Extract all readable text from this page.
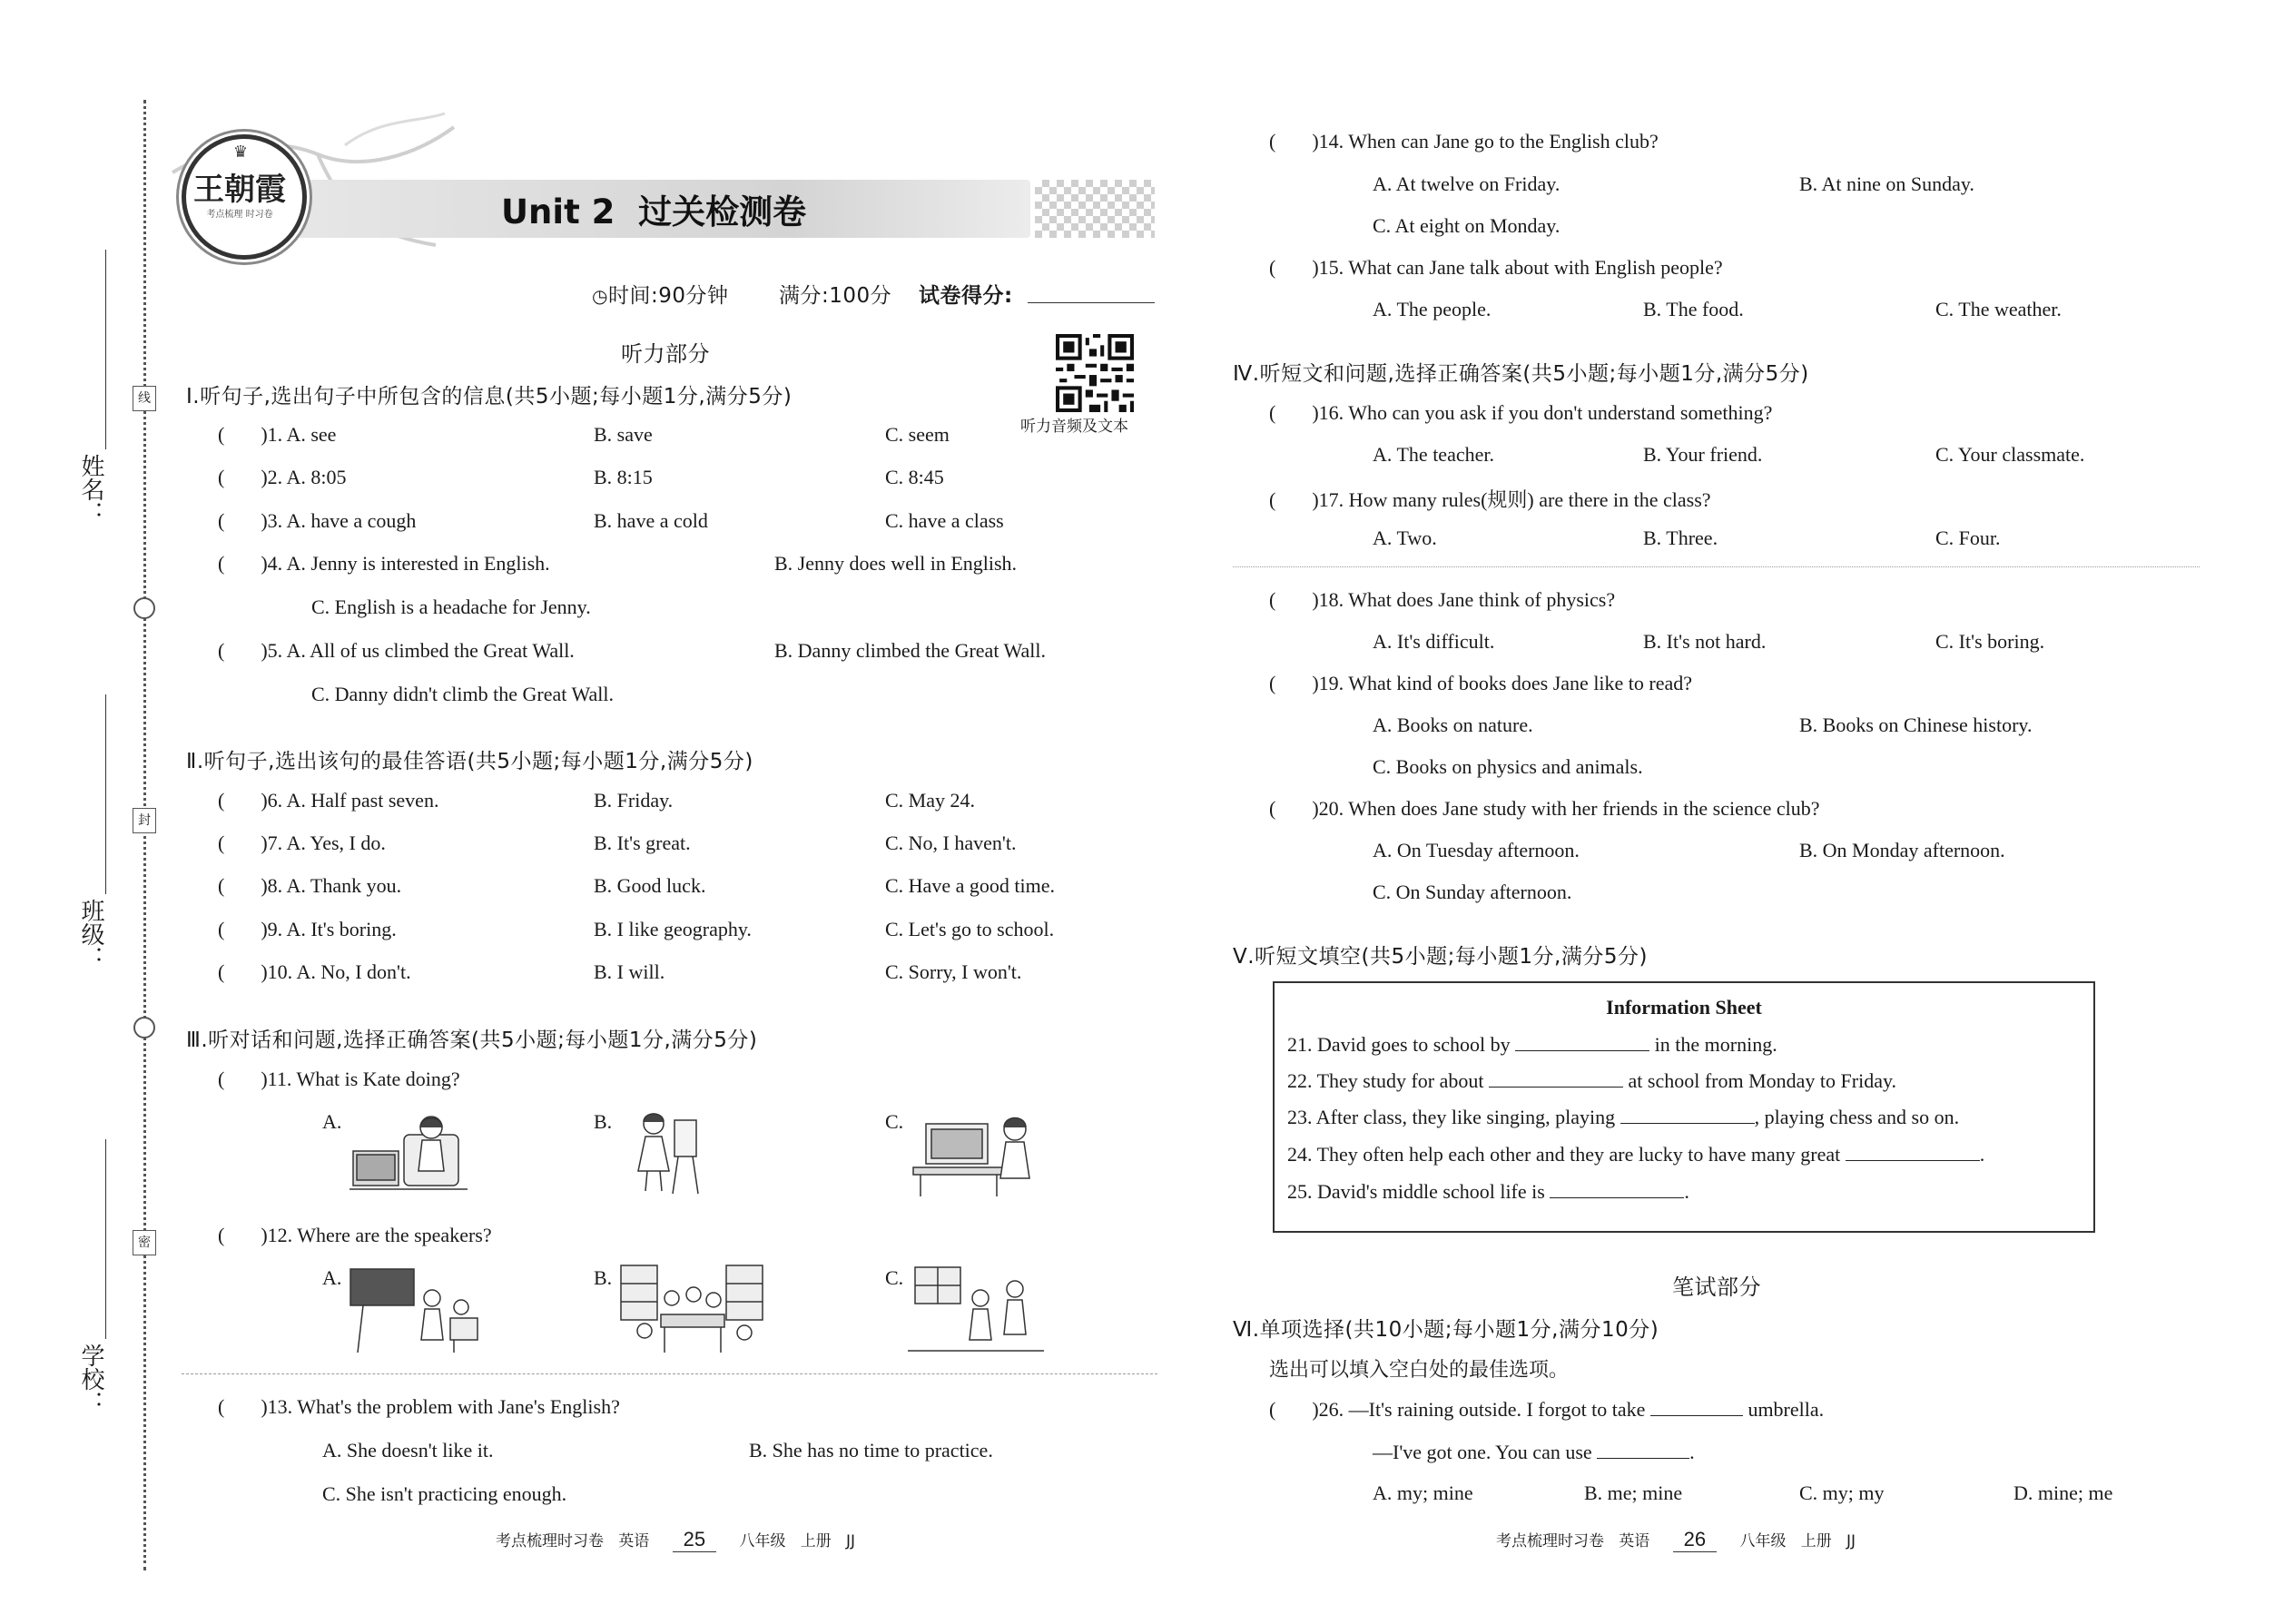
线
封
密
姓名：
班级：
学校：
♛
王朝霞
考点梳理 时习卷	Unit 2  过关检测卷
◷时间:90分钟 满分:100分 试卷得分:
听力音频及文本
听力部分
Ⅰ.听句子,选出句子中所包含的信息(共5小题;每小题1分,满分5分)
( )1. A. see	B. save	C. seem
( )2. A. 8:05	B. 8:15	C. 8:45
( )3. A. have a cough	B. have a cold	C. have a class
( )4. A. Jenny is interested in English.	B. Jenny does well in English.
C. English is a headache for Jenny.
( )5. A. All of us climbed the Great Wall.	B. Danny climbed the Great Wall.
C. Danny didn't climb the Great Wall.
Ⅱ.听句子,选出该句的最佳答语(共5小题;每小题1分,满分5分)
( )6. A. Half past seven.	B. Friday.	C. May 24.
( )7. A. Yes, I do.	B. It's great.	C. No, I haven't.
( )8. A. Thank you.	B. Good luck.	C. Have a good time.
( )9. A. It's boring.	B. I like geography.	C. Let's go to school.
( )10. A. No, I don't.	B. I will.	C. Sorry, I won't.
Ⅲ.听对话和问题,选择正确答案(共5小题;每小题1分,满分5分)
( )11. What is Kate doing?
A.	B.	C.
( )12. Where are the speakers?
A.	B.	C.
( )13. What's the problem with Jane's English?
A. She doesn't like it.	B. She has no time to practice.
C. She isn't practicing enough.
考点梳理时习卷   英语 25 八年级   上册   JJ
( )14. When can Jane go to the English club?
A. At twelve on Friday.	B. At nine on Sunday.
C. At eight on Monday.
( )15. What can Jane talk about with English people?
A. The people.	B. The food.	C. The weather.
Ⅳ.听短文和问题,选择正确答案(共5小题;每小题1分,满分5分)
( )16. Who can you ask if you don't understand something?
A. The teacher.	B. Your friend.	C. Your classmate.
( )17. How many rules(规则) are there in the class?
A. Two.	B. Three.	C. Four.
( )18. What does Jane think of physics?
A. It's difficult.	B. It's not hard.	C. It's boring.
( )19. What kind of books does Jane like to read?
A. Books on nature.	B. Books on Chinese history.
C. Books on physics and animals.
( )20. When does Jane study with her friends in the science club?
A. On Tuesday afternoon.	B. On Monday afternoon.
C. On Sunday afternoon.
Ⅴ.听短文填空(共5小题;每小题1分,满分5分)
Information Sheet
21. David goes to school by	in the morning.
22. They study for about	at school from Monday to Friday.
23. After class, they like singing, playing	, playing chess and so on.
24. They often help each other and they are lucky to have many great	.
25. David's middle school life is	.
笔试部分
Ⅵ.单项选择(共10小题;每小题1分,满分10分)
选出可以填入空白处的最佳选项。
( )26. —It's raining outside. I forgot to take	umbrella.
—I've got one. You can use	.
A. my; mine	B. me; mine	C. my; my	D. mine; me
考点梳理时习卷   英语 26 八年级   上册   JJ
